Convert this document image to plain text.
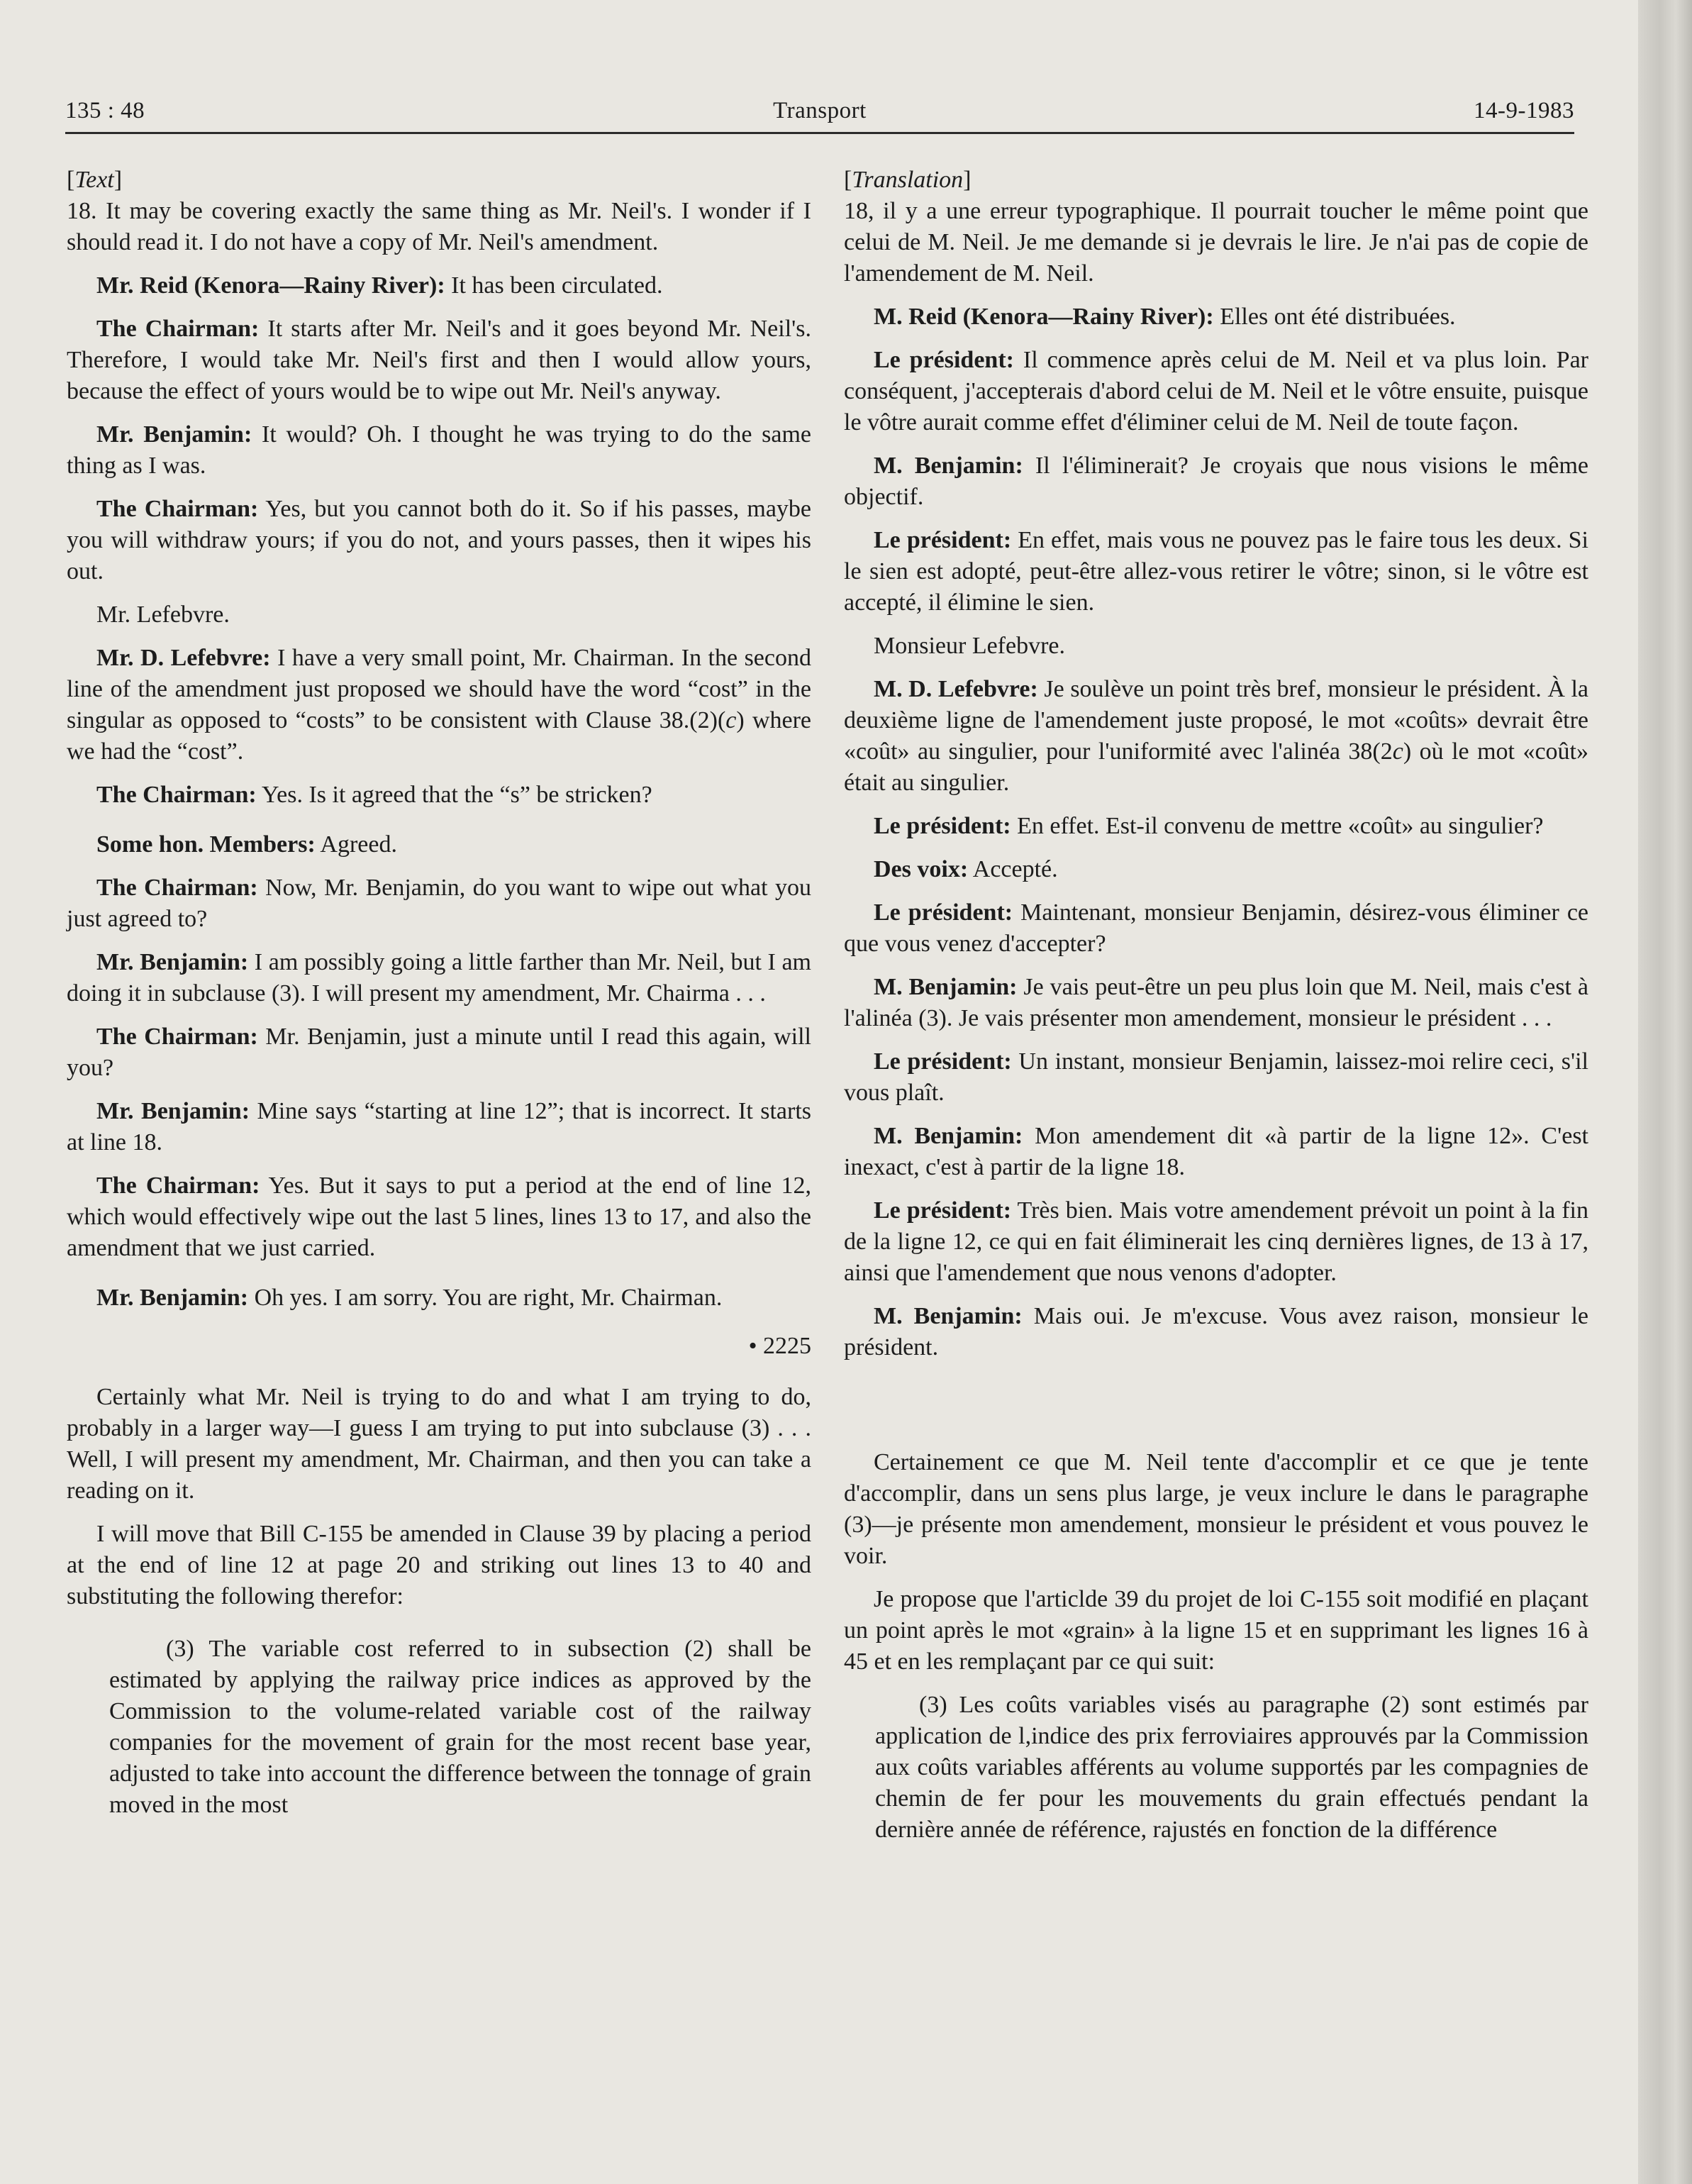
135 : 48	Transport	14-9-1983

[Text]

18. It may be covering exactly the same thing as Mr. Neil's. I wonder if I should read it. I do not have a copy of Mr. Neil's amendment.

Mr. Reid (Kenora—Rainy River): It has been circulated.

The Chairman: It starts after Mr. Neil's and it goes beyond Mr. Neil's. Therefore, I would take Mr. Neil's first and then I would allow yours, because the effect of yours would be to wipe out Mr. Neil's anyway.

Mr. Benjamin: It would? Oh. I thought he was trying to do the same thing as I was.

The Chairman: Yes, but you cannot both do it. So if his passes, maybe you will withdraw yours; if you do not, and yours passes, then it wipes his out.

Mr. Lefebvre.

Mr. D. Lefebvre: I have a very small point, Mr. Chairman. In the second line of the amendment just proposed we should have the word “cost” in the singular as opposed to “costs” to be consistent with Clause 38.(2)(c) where we had the “cost”.

The Chairman: Yes. Is it agreed that the “s” be stricken?

Some hon. Members: Agreed.

The Chairman: Now, Mr. Benjamin, do you want to wipe out what you just agreed to?

Mr. Benjamin: I am possibly going a little farther than Mr. Neil, but I am doing it in subclause (3). I will present my amendment, Mr. Chairma . . .

The Chairman: Mr. Benjamin, just a minute until I read this again, will you?

Mr. Benjamin: Mine says “starting at line 12”; that is incorrect. It starts at line 18.

The Chairman: Yes. But it says to put a period at the end of line 12, which would effectively wipe out the last 5 lines, lines 13 to 17, and also the amendment that we just carried.

Mr. Benjamin: Oh yes. I am sorry. You are right, Mr. Chairman.

• 2225

Certainly what Mr. Neil is trying to do and what I am trying to do, probably in a larger way—I guess I am trying to put into subclause (3) . . . Well, I will present my amendment, Mr. Chairman, and then you can take a reading on it.

I will move that Bill C-155 be amended in Clause 39 by placing a period at the end of line 12 at page 20 and striking out lines 13 to 40 and substituting the following therefor:

(3) The variable cost referred to in subsection (2) shall be estimated by applying the railway price indices as approved by the Commission to the volume-related variable cost of the railway companies for the movement of grain for the most recent base year, adjusted to take into account the difference between the tonnage of grain moved in the most

[Translation]

18, il y a une erreur typographique. Il pourrait toucher le même point que celui de M. Neil. Je me demande si je devrais le lire. Je n'ai pas de copie de l'amendement de M. Neil.

M. Reid (Kenora—Rainy River): Elles ont été distribuées.

Le président: Il commence après celui de M. Neil et va plus loin. Par conséquent, j'accepterais d'abord celui de M. Neil et le vôtre ensuite, puisque le vôtre aurait comme effet d'éliminer celui de M. Neil de toute façon.

M. Benjamin: Il l'éliminerait? Je croyais que nous visions le même objectif.

Le président: En effet, mais vous ne pouvez pas le faire tous les deux. Si le sien est adopté, peut-être allez-vous retirer le vôtre; sinon, si le vôtre est accepté, il élimine le sien.

Monsieur Lefebvre.

M. D. Lefebvre: Je soulève un point très bref, monsieur le président. À la deuxième ligne de l'amendement juste proposé, le mot «coûts» devrait être «coût» au singulier, pour l'uniformité avec l'alinéa 38(2c) où le mot «coût» était au singulier.

Le président: En effet. Est-il convenu de mettre «coût» au singulier?

Des voix: Accepté.

Le président: Maintenant, monsieur Benjamin, désirez-vous éliminer ce que vous venez d'accepter?

M. Benjamin: Je vais peut-être un peu plus loin que M. Neil, mais c'est à l'alinéa (3). Je vais présenter mon amendement, monsieur le président . . .

Le président: Un instant, monsieur Benjamin, laissez-moi relire ceci, s'il vous plaît.

M. Benjamin: Mon amendement dit «à partir de la ligne 12». C'est inexact, c'est à partir de la ligne 18.

Le président: Très bien. Mais votre amendement prévoit un point à la fin de la ligne 12, ce qui en fait éliminerait les cinq dernières lignes, de 13 à 17, ainsi que l'amendement que nous venons d'adopter.

M. Benjamin: Mais oui. Je m'excuse. Vous avez raison, monsieur le président.

Certainement ce que M. Neil tente d'accomplir et ce que je tente d'accomplir, dans un sens plus large, je veux inclure le dans le paragraphe (3)—je présente mon amendement, monsieur le président et vous pouvez le voir.

Je propose que l'articlde 39 du projet de loi C-155 soit modifié en plaçant un point après le mot «grain» à la ligne 15 et en supprimant les lignes 16 à 45 et en les remplaçant par ce qui suit:

(3) Les coûts variables visés au paragraphe (2) sont estimés par application de l,indice des prix ferroviaires approuvés par la Commission aux coûts variables afférents au volume supportés par les compagnies de chemin de fer pour les mouvements du grain effectués pendant la dernière année de référence, rajustés en fonction de la différence
